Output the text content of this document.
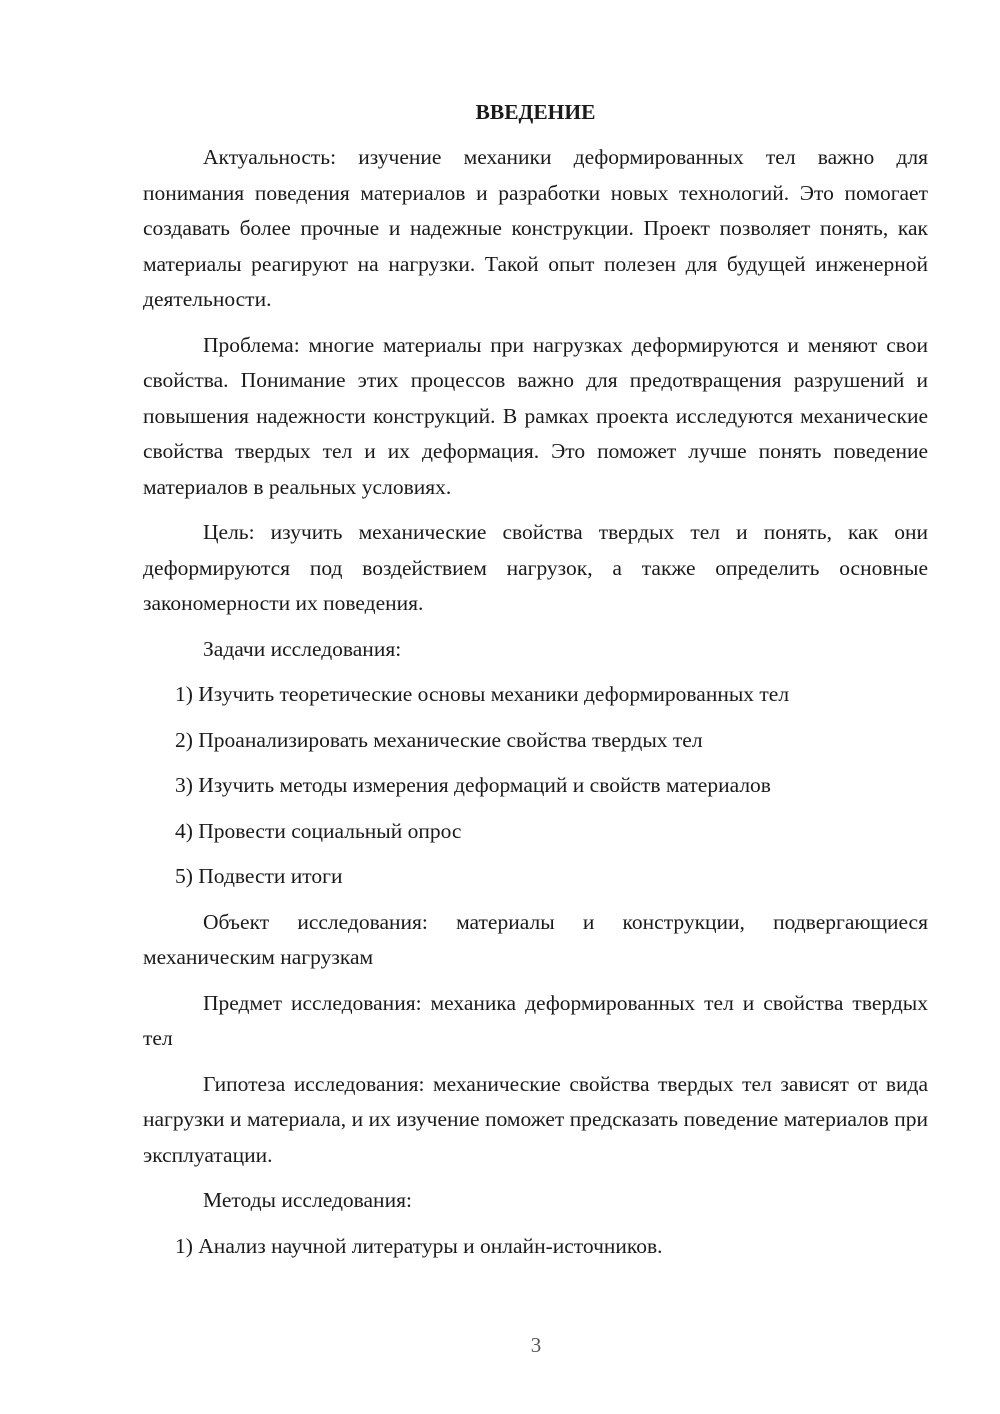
ВВЕДЕНИЕ

Актуальность: изучение механики деформированных тел важно для понимания поведения материалов и разработки новых технологий. Это помогает создавать более прочные и надежные конструкции. Проект позволяет понять, как материалы реагируют на нагрузки. Такой опыт полезен для будущей инженерной деятельности.

Проблема: многие материалы при нагрузках деформируются и меняют свои свойства. Понимание этих процессов важно для предотвращения разрушений и повышения надежности конструкций. В рамках проекта исследуются механические свойства твердых тел и их деформация. Это поможет лучше понять поведение материалов в реальных условиях.

Цель: изучить механические свойства твердых тел и понять, как они деформируются под воздействием нагрузок, а также определить основные закономерности их поведения.

Задачи исследования:

1) Изучить теоретические основы механики деформированных тел

2) Проанализировать механические свойства твердых тел

3) Изучить методы измерения деформаций и свойств материалов

4) Провести социальный опрос

5) Подвести итоги

Объект исследования: материалы и конструкции, подвергающиеся механическим нагрузкам

Предмет исследования: механика деформированных тел и свойства твердых тел

Гипотеза исследования: механические свойства твердых тел зависят от вида нагрузки и материала, и их изучение поможет предсказать поведение материалов при эксплуатации.

Методы исследования:

1) Анализ научной литературы и онлайн-источников.

3
